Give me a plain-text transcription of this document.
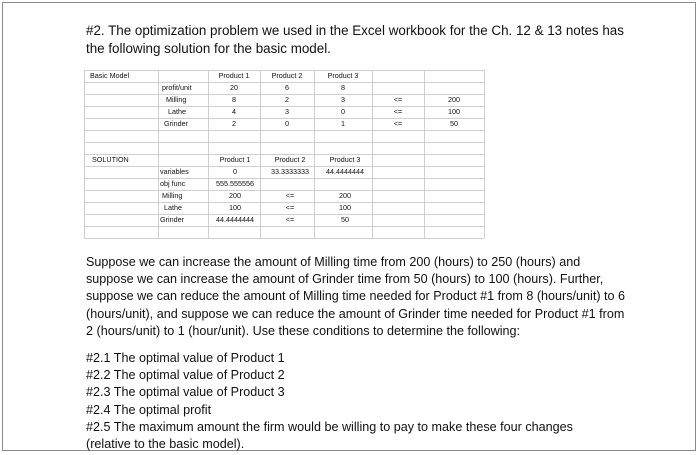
#2. The optimization problem we used in the Excel workbook for the Ch. 12 & 13 notes has the following solution for the basic model.
Basic Model	Product 1	Product 2	Product 3
profit/unit	20	6	8
Milling	8	2	3	<=	200
Lathe	4	3	0	<=	100
Grinder	2	0	1	<=	50
SOLUTION	Product 1	Product 2	Product 3
variables	0	33.3333333	44.4444444
obj func	555.555556
Milling	200	<=	200
Lathe	100	<=	100
Grinder	44.4444444	<=	50
Suppose we can increase the amount of Milling time from 200 (hours) to 250 (hours) and suppose we can increase the amount of Grinder time from 50 (hours) to 100 (hours). Further, suppose we can reduce the amount of Milling time needed for Product #1 from 8 (hours/unit) to 6 (hours/unit), and suppose we can reduce the amount of Grinder time needed for Product #1 from 2 (hours/unit) to 1 (hour/unit). Use these conditions to determine the following:
#2.1 The optimal value of Product 1
#2.2 The optimal value of Product 2
#2.3 The optimal value of Product 3
#2.4 The optimal profit
#2.5 The maximum amount the firm would be willing to pay to make these four changes
(relative to the basic model).
